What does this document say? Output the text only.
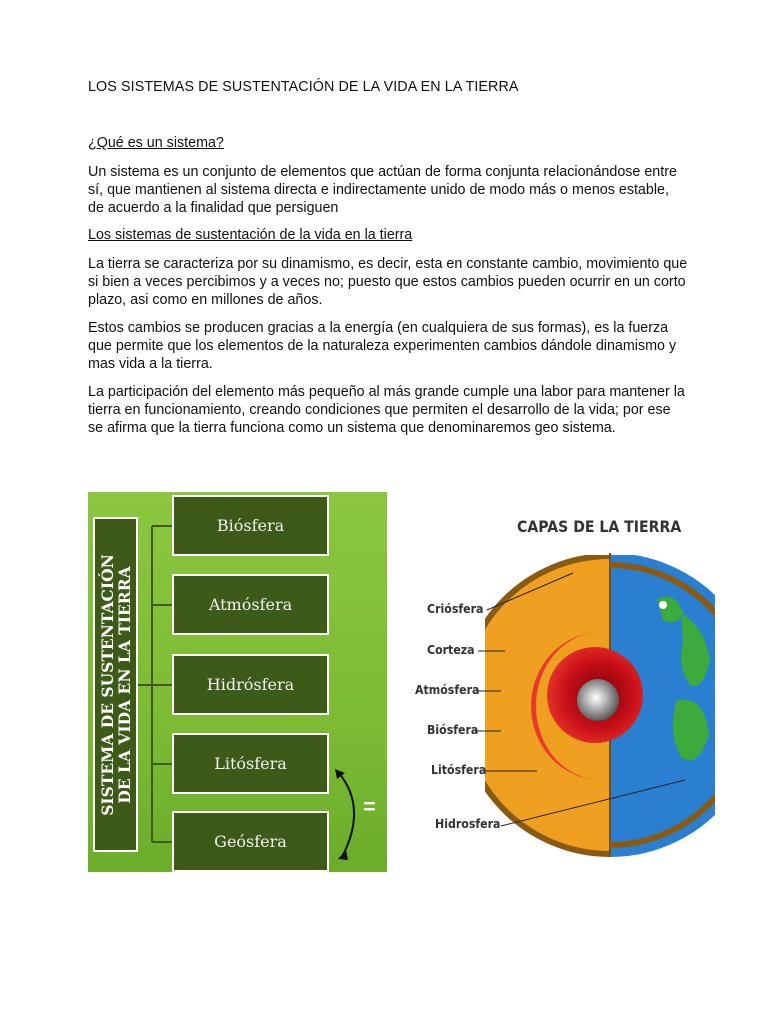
LOS SISTEMAS DE SUSTENTACIÓN DE LA VIDA EN LA TIERRA
¿Qué es un sistema?
Un sistema es un conjunto de elementos que actúan de forma conjunta relacionándose entre sí, que mantienen al sistema directa e indirectamente unido de modo más o menos estable, de acuerdo a la finalidad que persiguen
Los sistemas de sustentación de la vida en la tierra
La tierra se caracteriza por su dinamismo, es decir, esta en constante cambio, movimiento que si bien a veces percibimos y a veces no; puesto que estos cambios pueden ocurrir en un corto plazo, asi como en millones de años.
Estos cambios se producen gracias a la energía (en cualquiera de sus formas), es la fuerza que permite que los elementos de la naturaleza experimenten cambios dándole dinamismo y mas vida a la tierra.
La participación del elemento más pequeño al más grande cumple una labor para mantener la tierra en funcionamiento, creando condiciones que permiten el desarrollo de la vida; por ese se afirma que la tierra funciona como un sistema que denominaremos geo sistema.
SISTEMA DE SUSTENTACIÓN
DE LA VIDA EN LA TIERRA
Biósfera
Atmósfera
Hidrósfera
Litósfera
Geósfera
=
CAPAS DE LA TIERRA
Criósfera
Corteza
Atmósfera
Biósfera
Litósfera
Hidrosfera
